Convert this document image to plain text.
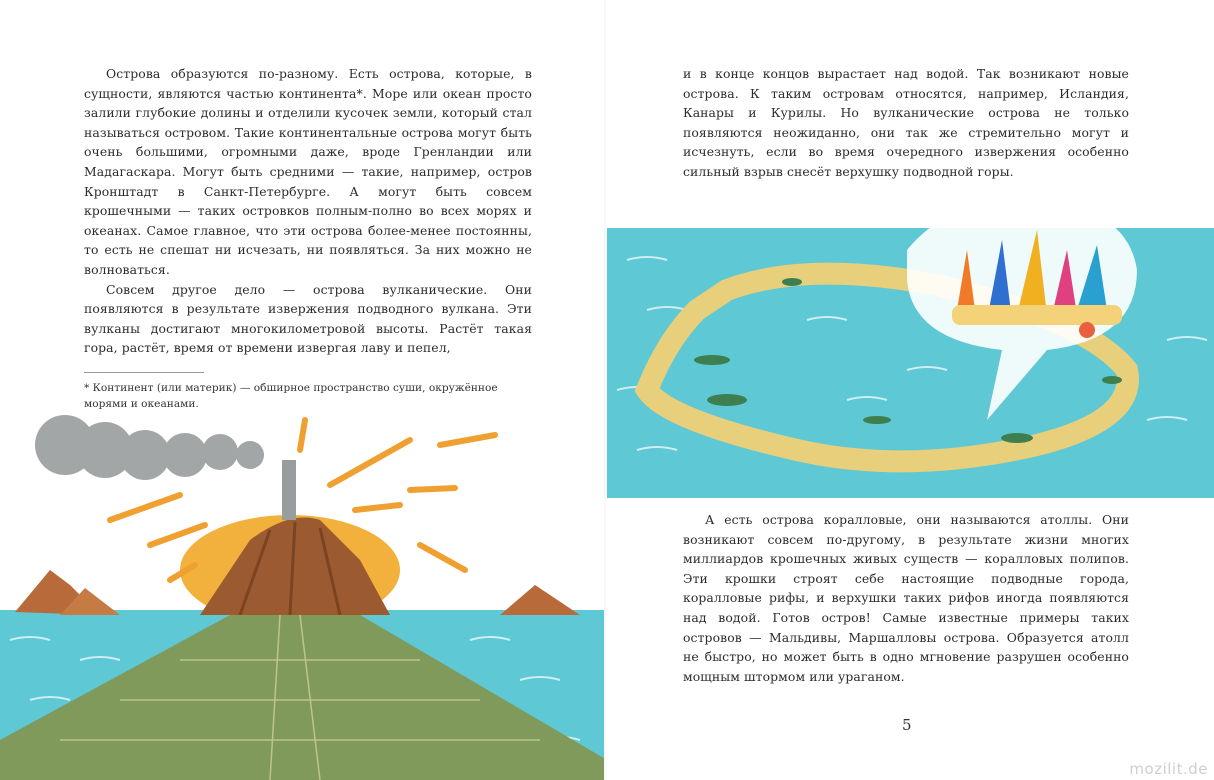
Острова образуются по-разному. Есть острова, которые, в сущности, являются частью континента*. Море или океан просто залили глубокие долины и отделили кусочек земли, который стал называться островом. Такие континентальные острова могут быть очень большими, огромными даже, вроде Гренландии или Мадагаскара. Могут быть средними — такие, например, остров Кронштадт в Санкт-Петербурге. А могут быть совсем крошечными — таких островков полным-полно во всех морях и океанах. Самое главное, что эти острова более-менее постоянны, то есть не спешат ни исчезать, ни появляться. За них можно не волноваться.

Совсем другое дело — острова вулканические. Они появляются в результате извержения подводного вулкана. Эти вулканы достигают многокилометровой высоты. Растёт такая гора, растёт, время от времени извергая лаву и пепел,

* Континент (или материк) — обширное пространство суши, окружённое морями и океанами.

и в конце концов вырастает над водой. Так возникают новые острова. К таким островам относятся, например, Исландия, Канары и Курилы. Но вулканические острова не только появляются неожиданно, они так же стремительно могут и исчезнуть, если во время очередного извержения особенно сильный взрыв снесёт верхушку подводной горы.

А есть острова коралловые, они называются атоллы. Они возникают совсем по-другому, в результате жизни многих миллиардов крошечных живых существ — коралловых полипов. Эти крошки строят себе настоящие подводные города, коралловые рифы, и верхушки таких рифов иногда появляются над водой. Готов остров! Самые известные примеры таких островов — Мальдивы, Маршалловы острова. Образуется атолл не быстро, но может быть в одно мгновение разрушен особенно мощным штормом или ураганом.

5
mozilit.de
